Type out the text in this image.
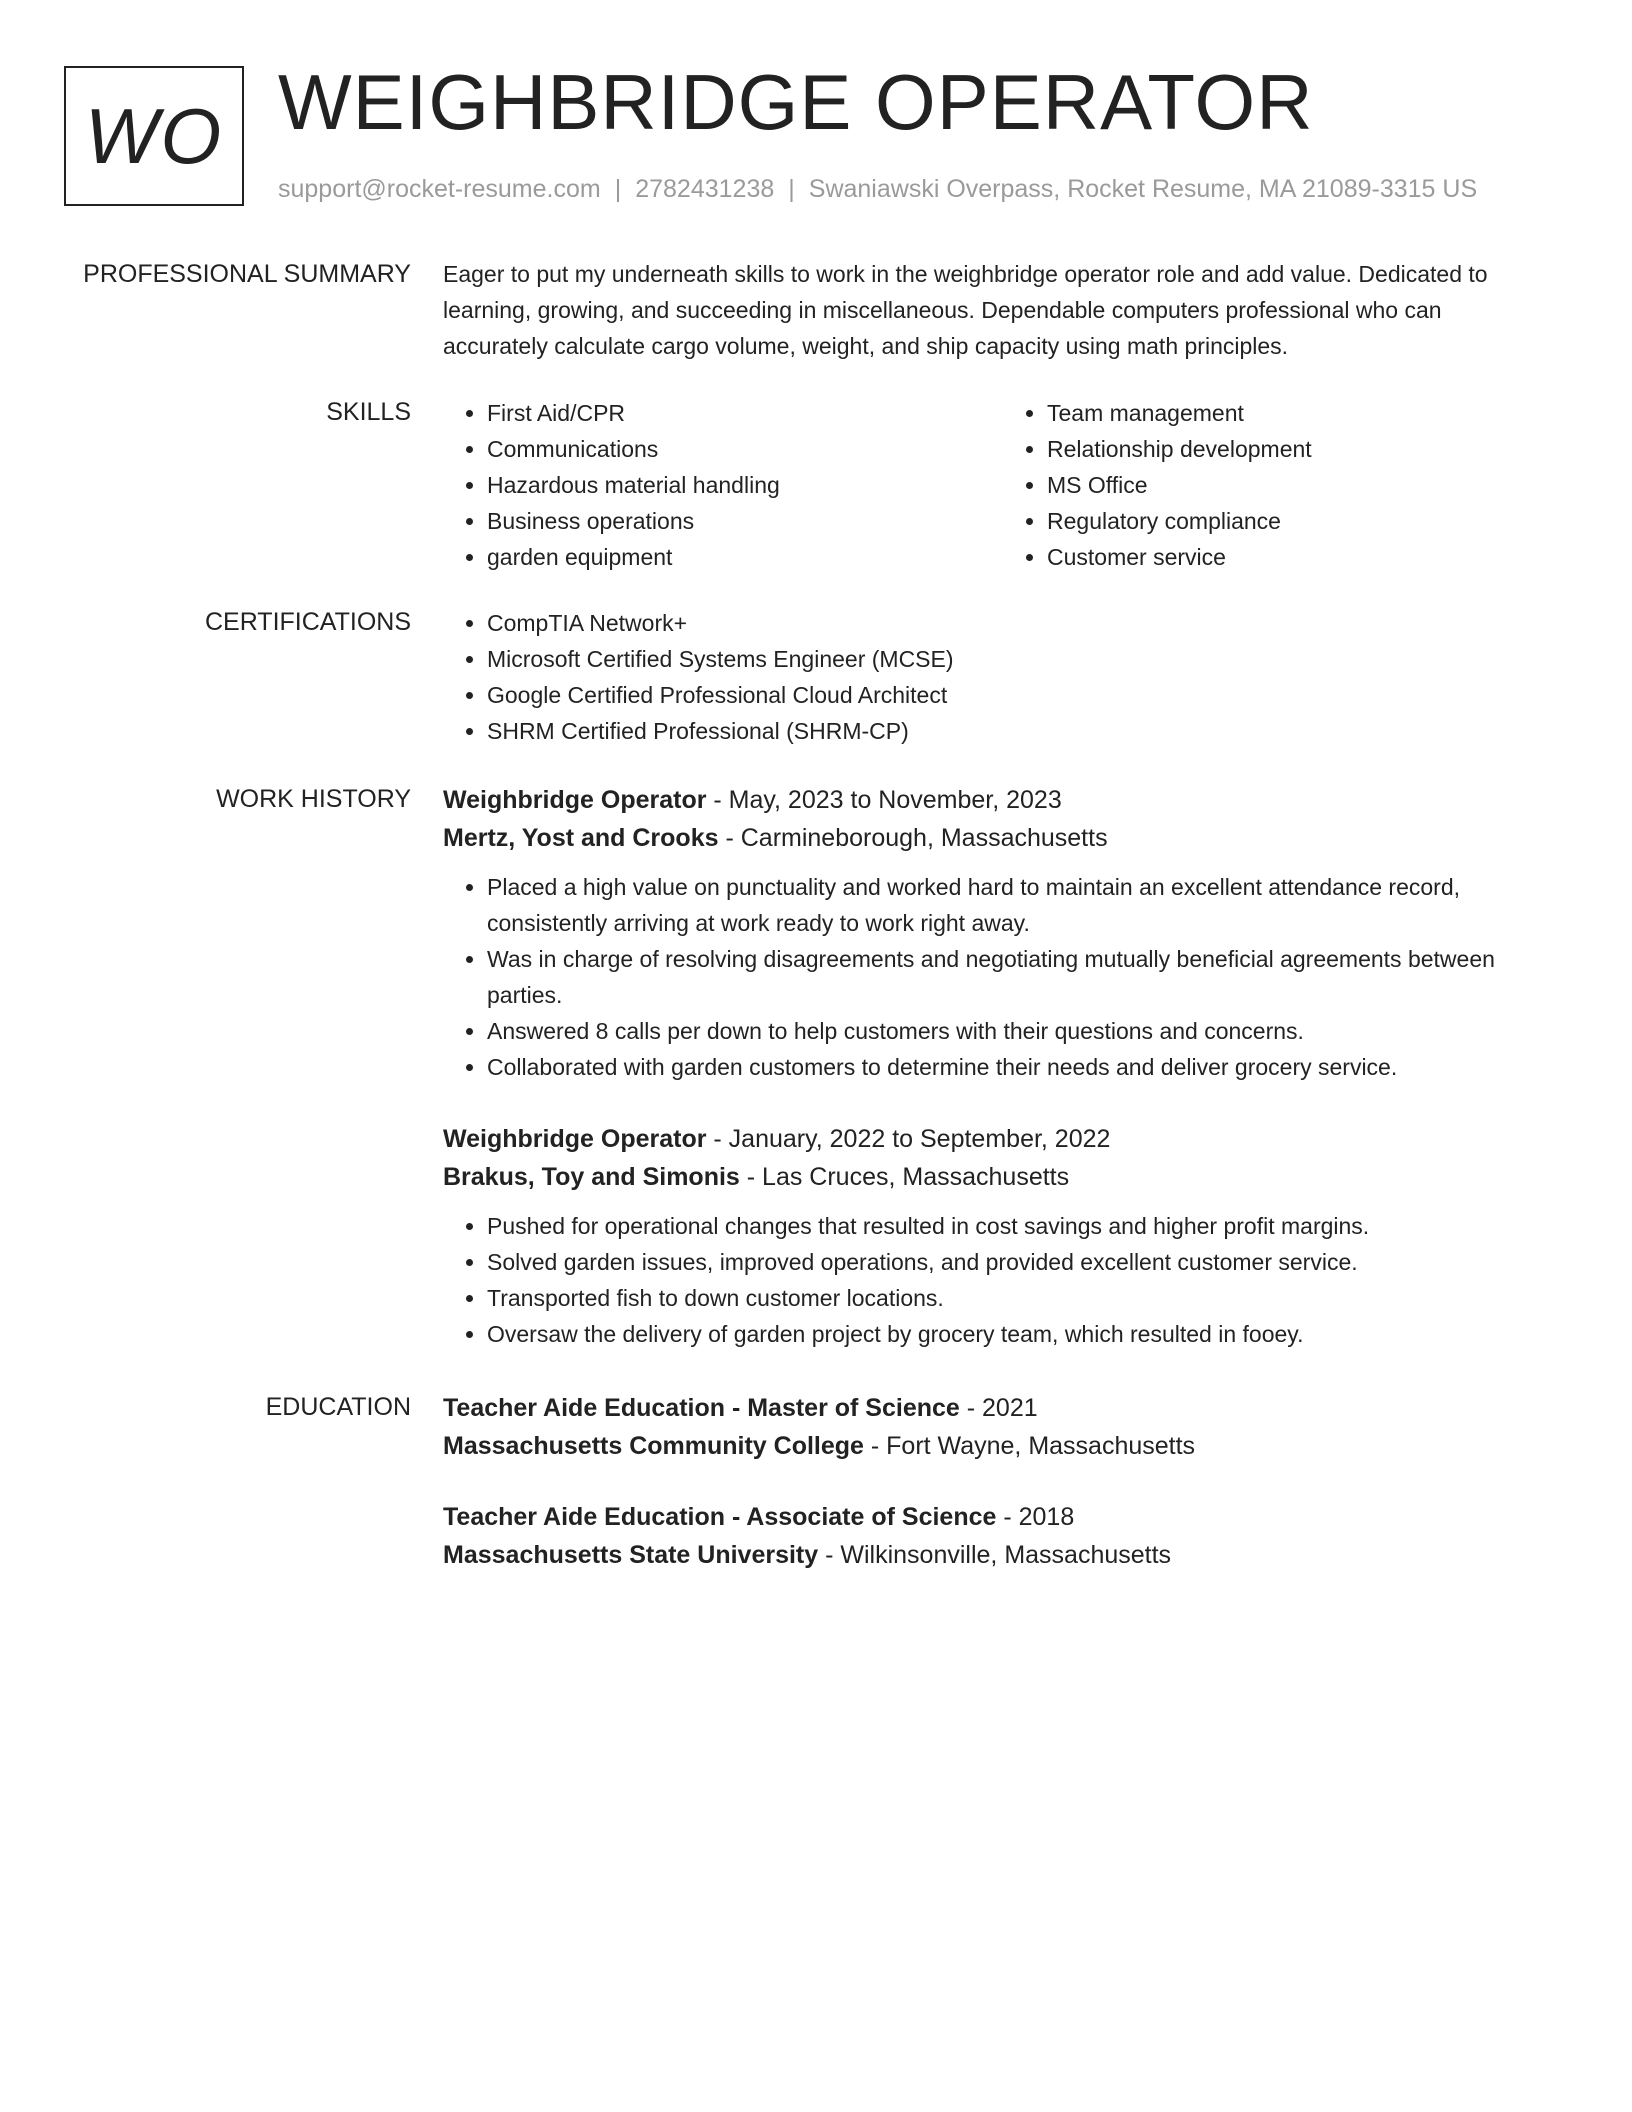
WO WEIGHBRIDGE OPERATOR
support@rocket-resume.com | 2782431238 | Swaniawski Overpass, Rocket Resume, MA 21089-3315 US
PROFESSIONAL SUMMARY Eager to put my underneath skills to work in the weighbridge operator role and add value. Dedicated to learning, growing, and succeeding in miscellaneous. Dependable computers professional who can accurately calculate cargo volume, weight, and ship capacity using math principles.
SKILLS	• First Aid/CPR
• Communications
• Hazardous material handling
• Business operations
• garden equipment
• Team management
• Relationship development
• MS Office
• Regulatory compliance
• Customer service
CERTIFICATIONS	• CompTIA Network+
• Microsoft Certified Systems Engineer (MCSE)
• Google Certified Professional Cloud Architect
• SHRM Certified Professional (SHRM-CP)
WORK HISTORY Weighbridge Operator - May, 2023 to November, 2023
Mertz, Yost and Crooks - Carmineborough, Massachusetts
• Placed a high value on punctuality and worked hard to maintain an excellent attendance record, consistently arriving at work ready to work right away.
• Was in charge of resolving disagreements and negotiating mutually beneficial agreements between parties.
• Answered 8 calls per down to help customers with their questions and concerns.
• Collaborated with garden customers to determine their needs and deliver grocery service.
Weighbridge Operator - January, 2022 to September, 2022
Brakus, Toy and Simonis - Las Cruces, Massachusetts
• Pushed for operational changes that resulted in cost savings and higher profit margins.
• Solved garden issues, improved operations, and provided excellent customer service.
• Transported fish to down customer locations.
• Oversaw the delivery of garden project by grocery team, which resulted in fooey.
EDUCATION Teacher Aide Education - Master of Science - 2021
Massachusetts Community College - Fort Wayne, Massachusetts
Teacher Aide Education - Associate of Science - 2018
Massachusetts State University - Wilkinsonville, Massachusetts
